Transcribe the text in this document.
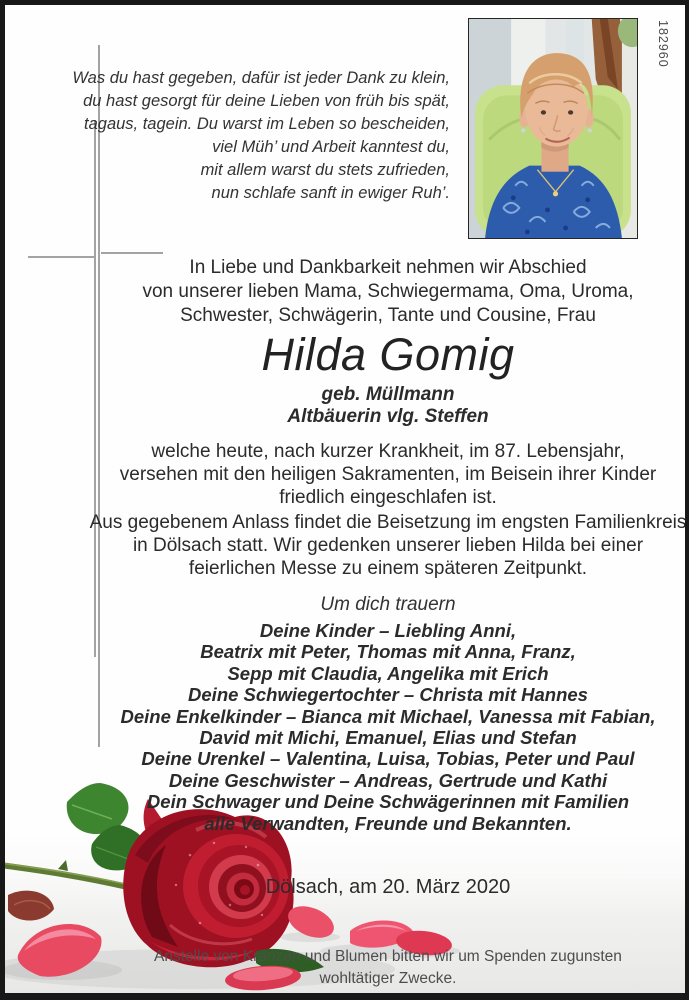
Was du hast gegeben, dafür ist jeder Dank zu klein,
du hast gesorgt für deine Lieben von früh bis spät,
tagaus, tagein. Du warst im Leben so bescheiden,
viel Müh’ und Arbeit kanntest du,
mit allem warst du stets zufrieden,
nun schlafe sanft in ewiger Ruh’.
182960
In Liebe und Dankbarkeit nehmen wir Abschied
von unserer lieben Mama, Schwiegermama, Oma, Uroma,
Schwester, Schwägerin, Tante und Cousine, Frau
Hilda Gomig
geb. Müllmann
Altbäuerin vlg. Steffen
welche heute, nach kurzer Krankheit, im 87. Lebensjahr,
versehen mit den heiligen Sakramenten, im Beisein ihrer Kinder
friedlich eingeschlafen ist.
Aus gegebenem Anlass findet die Beisetzung im engsten Familienkreis
in Dölsach statt. Wir gedenken unserer lieben Hilda bei einer
feierlichen Messe zu einem späteren Zeitpunkt.
Um dich trauern
Deine Kinder – Liebling Anni,
Beatrix mit Peter, Thomas mit Anna, Franz,
Sepp mit Claudia, Angelika mit Erich
Deine Schwiegertochter – Christa mit Hannes
Deine Enkelkinder – Bianca mit Michael, Vanessa mit Fabian,
David mit Michi, Emanuel, Elias und Stefan
Deine Urenkel – Valentina, Luisa, Tobias, Peter und Paul
Deine Geschwister – Andreas, Gertrude und Kathi
Dein Schwager und Deine Schwägerinnen mit Familien
alle Verwandten, Freunde und Bekannten.
Dölsach, am 20. März 2020
Anstelle von Kränzen und Blumen bitten wir um Spenden zugunsten
wohltätiger Zwecke.
